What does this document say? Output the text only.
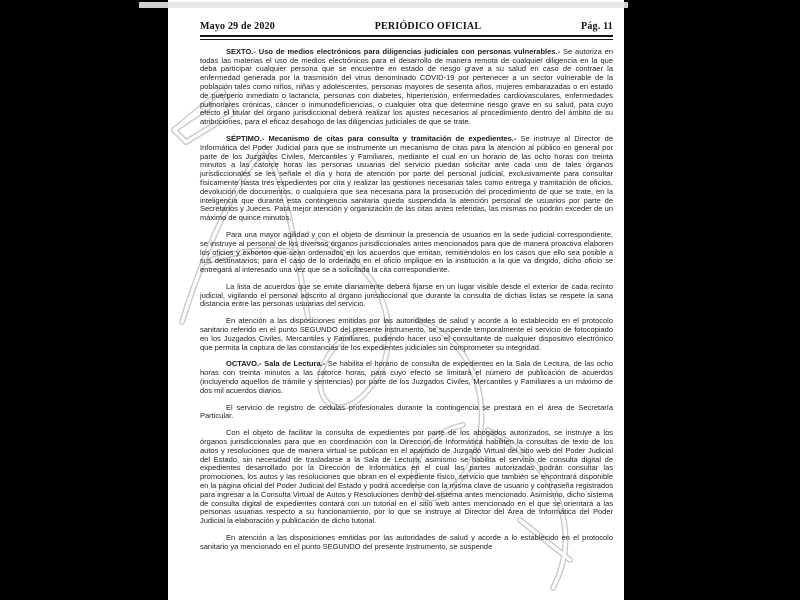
Mayo 29 de 2020	PERIÓDICO OFICIAL	Pág. 11

SEXTO.- Uso de medios electrónicos para diligencias judiciales con personas vulnerables.- Se autoriza en todas las materias el uso de medios electrónicos para el desarrollo de manera remota de cualquier diligencia en la que deba participar cualquier persona que se encuentre en estado de riesgo grave a su salud en caso de contraer la enfermedad generada por la trasmisión del virus denominado COVID-19 por pertenecer a un sector vulnerable de la población tales como niños, niñas y adolescentes, personas mayores de sesenta años, mujeres embarazadas o en estado de puerperio inmediato o lactancia, personas con diabetes, hipertensión, enfermedades cardiovasculares, enfermedades pulmonares crónicas, cáncer o inmunodeficiencias, o cualquier otra que determine riesgo grave en su salud, para cuyo efecto el titular del órgano jurisdiccional deberá realizar los ajustes necesarios al procedimiento dentro del ámbito de su atribuciones, para el eficaz desahogo de las diligencias judiciales de que se trate.

SÉPTIMO.- Mecanismo de citas para consulta y tramitación de expedientes.- Se instruye al Director de Informática del Poder Judicial para que se instrumente un mecanismo de citas para la atención al público en general por parte de los Juzgados Civiles, Mercantiles y Familiares, mediante el cual en un horario de las ocho horas con treinta minutos a las catorce horas las personas usuarias del servicio puedan solicitar ante cada uno de tales órganos jurisdiccionales se les señale el día y hora de atención por parte del personal judicial, exclusivamente para consultar físicamente hasta tres expedientes por cita y realizar las gestiones necesarias tales como entrega y tramitación de oficios, devolución de documentos, o cualquiera que sea necesaria para la prosecución del procedimiento de que se trate, en la inteligencia que durante esta contingencia sanitaria queda suspendida la atención personal de usuarios por parte de Secretarios y Jueces. Para mejor atención y organización de las citas antes referidas, las mismas no podrán exceder de un máximo de quince minutos.

Para una mayor agilidad y con el objeto de disminuir la presencia de usuarios en la sede judicial correspondiente, se instruye al personal de los diversos órganos jurisdiccionales antes mencionados para que de manera proactiva elaboren los oficios y exhortos que sean ordenados en los acuerdos que emitan, remitiéndolos en los casos que ello sea posible a sus destinatarios; para el caso de lo ordenado en el oficio implique en la institución a la que va dirigido, dicho oficio se entregará al interesado una vez que se a solicitada la cita correspondiente.

La lista de acuerdos que se emite diariamente deberá fijarse en un lugar visible desde el exterior de cada recinto judicial, vigilando el personal adscrito al órgano jurisdiccional que durante la consulta de dichas listas se respete la sana distancia entre las personas usuarias del servicio.

En atención a las disposiciones emitidas por las autoridades de salud y acorde a lo establecido en el protocolo sanitario referido en el punto SEGUNDO del presente instrumento, se suspende temporalmente el servicio de fotocopiado en los Juzgados Civiles, Mercantiles y Familiares, pudiendo hacer uso el consultante de cualquier dispositivo electrónico que permita la captura de las constancias de los expedientes judiciales sin comprometer su integridad.

OCTAVO.- Sala de Lectura.- Se habilita el horario de consulta de expedientes en la Sala de Lectura, de las ocho horas con treinta minutos a las catorce horas, para cuyo efecto se limitará el número de publicación de acuerdos (incluyendo aquellos de trámite y sentencias) por parte de los Juzgados Civiles, Mercantiles y Familiares a un máximo de dos mil acuerdos diarios.

El servicio de registro de cedulas profesionales durante la contingencia se prestará en el área de Secretaría Particular.

Con el objeto de facilitar la consulta de expedientes por parte de los abogados autorizados, se instruye a los órganos jurisdiccionales para que en coordinación con la Dirección de Informática habiliten la consultas de texto de los autos y resoluciones que de manera virtual se publican en el apartado de Juzgado Virtual del sitio web del Poder Judicial del Estado, sin necesidad de trasladarse a la Sala de Lectura, asimismo se habilita el servicio de consulta digital de expedientes desarrollado por la Dirección de Informática en el cual las partes autorizadas podrán consultar las promociones, los autos y las resoluciones que obran en el expediente físico, servicio que también se encontrará disponible en la página oficial del Poder Judicial del Estado y podrá accederse con la misma clave de usuario y contraseña registrados para ingresar a la Consulta Virtual de Autos y Resoluciones dentro del sistema antes mencionado. Asimismo, dicho sistema de consulta digital de expedientes contará con un tutorial en el sitio web antes mencionado en el que se orientará a las personas usuarias respecto a su funcionamiento, por lo que se instruye al Director del Área de Informática del Poder Judicial la elaboración y publicación de dicho tutorial.

En atención a las disposiciones emitidas por las autoridades de salud y acorde a lo establecido en el protocolo sanitario ya mencionado en el punto SEGUNDO del presente Instrumento, se suspende
